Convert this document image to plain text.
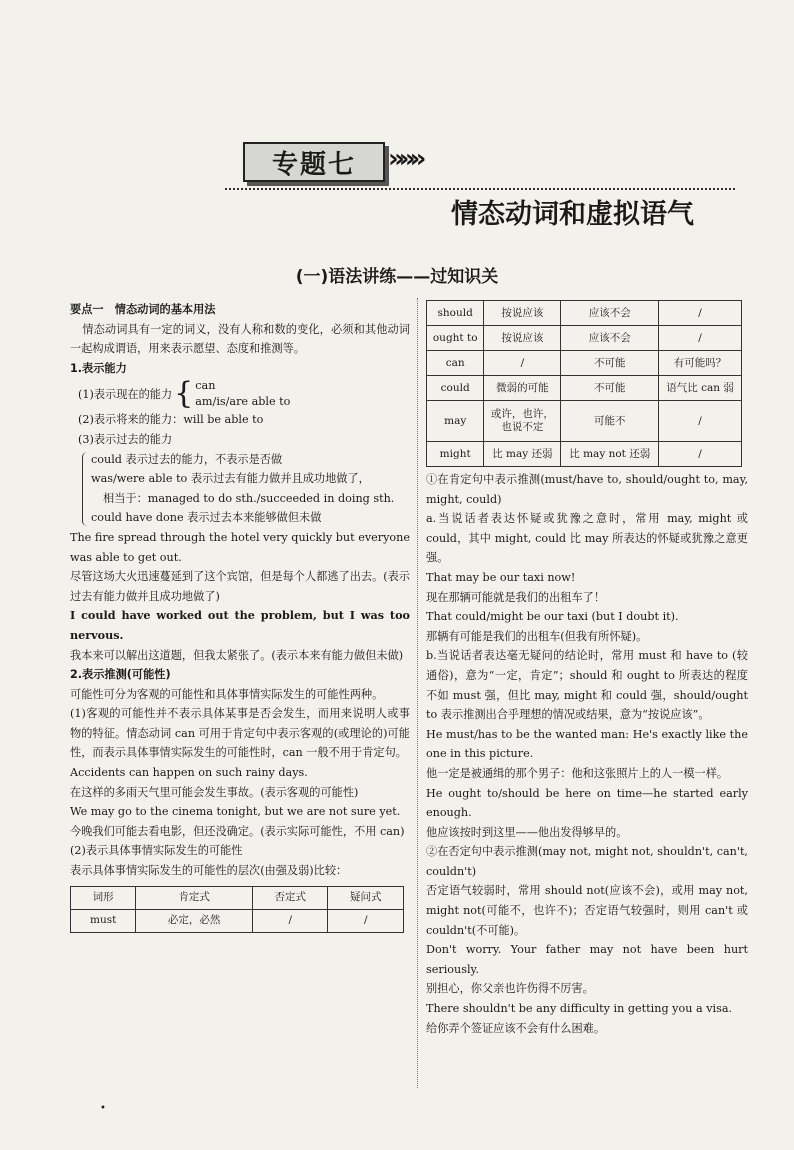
专题七 »»»
情态动词和虚拟语气
(一)语法讲练——过知识关

要点一　情态动词的基本用法

情态动词具有一定的词义，没有人称和数的变化，必须和其他动词一起构成谓语，用来表示愿望、态度和推测等。

1.表示能力

(1)表示现在的能力 { can
am/is/are able to

(2)表示将来的能力：will be able to

(3)表示过去的能力

could 表示过去的能力，不表示是否做

was/were able to 表示过去有能力做并且成功地做了，

相当于：managed to do sth./succeeded in doing sth.

could have done 表示过去本来能够做但未做

The fire spread through the hotel very quickly but everyone was able to get out.

尽管这场大火迅速蔓延到了这个宾馆，但是每个人都逃了出去。(表示过去有能力做并且成功地做了)

I could have worked out the problem, but I was too nervous.

我本来可以解出这道题，但我太紧张了。(表示本来有能力做但未做)

2.表示推测(可能性)

可能性可分为客观的可能性和具体事情实际发生的可能性两种。

(1)客观的可能性并不表示具体某事是否会发生，而用来说明人或事物的特征。情态动词 can 可用于肯定句中表示客观的(或理论的)可能性，而表示具体事情实际发生的可能性时，can 一般不用于肯定句。

Accidents can happen on such rainy days.

在这样的多雨天气里可能会发生事故。(表示客观的可能性)

We may go to the cinema tonight, but we are not sure yet.

今晚我们可能去看电影，但还没确定。(表示实际可能性，不用 can)

(2)表示具体事情实际发生的可能性

表示具体事情实际发生的可能性的层次(由强及弱)比较：

词形	肯定式	否定式	疑问式
must	必定，必然	/	/
should	按说应该	应该不会	/
ought to	按说应该	应该不会	/
can	/	不可能	有可能吗？
could	微弱的可能	不可能	语气比 can 弱
may	或许，也许，也说不定	可能不	/
might	比 may 还弱	比 may not 还弱	/

①在肯定句中表示推测(must/have to, should/ought to, may, might, could)

a.当说话者表达怀疑或犹豫之意时，常用 may, might 或 could，其中 might, could 比 may 所表达的怀疑或犹豫之意更强。

That may be our taxi now!

现在那辆可能就是我们的出租车了！

That could/might be our taxi (but I doubt it).

那辆有可能是我们的出租车(但我有所怀疑)。

b.当说话者表达毫无疑问的结论时，常用 must 和 have to (较通俗)，意为“一定，肯定”；should 和 ought to 所表达的程度不如 must 强，但比 may, might 和 could 强，should/ought to 表示推测出合乎理想的情况或结果，意为“按说应该”。

He must/has to be the wanted man: He's exactly like the one in this picture.

他一定是被通缉的那个男子：他和这张照片上的人一模一样。

He ought to/should be here on time—he started early enough.

他应该按时到这里——他出发得够早的。

②在否定句中表示推测(may not, might not, shouldn't, can't, couldn't)

否定语气较弱时，常用 should not(应该不会)，或用 may not, might not(可能不，也许不)；否定语气较强时，则用 can't 或 couldn't(不可能)。

Don't worry. Your father may not have been hurt seriously.

别担心，你父亲也许伤得不厉害。

There shouldn't be any difficulty in getting you a visa.

给你弄个签证应该不会有什么困难。

•
